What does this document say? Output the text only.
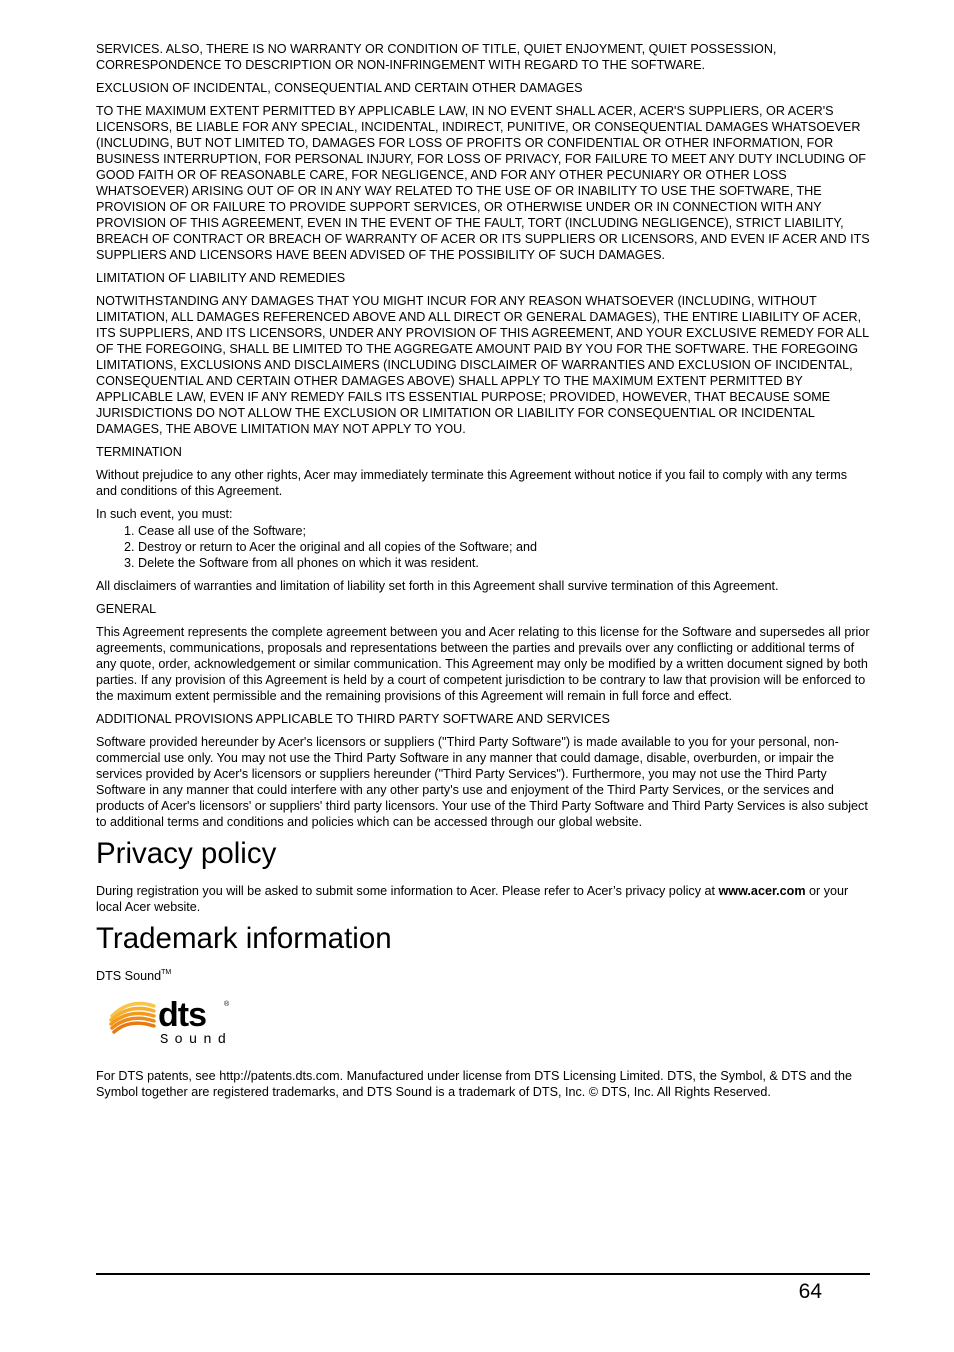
SERVICES. ALSO, THERE IS NO WARRANTY OR CONDITION OF TITLE, QUIET ENJOYMENT, QUIET POSSESSION, CORRESPONDENCE TO DESCRIPTION OR NON-INFRINGEMENT WITH REGARD TO THE SOFTWARE.

EXCLUSION OF INCIDENTAL, CONSEQUENTIAL AND CERTAIN OTHER DAMAGES

TO THE MAXIMUM EXTENT PERMITTED BY APPLICABLE LAW, IN NO EVENT SHALL ACER, ACER'S SUPPLIERS, OR ACER'S LICENSORS, BE LIABLE FOR ANY SPECIAL, INCIDENTAL, INDIRECT, PUNITIVE, OR CONSEQUENTIAL DAMAGES WHATSOEVER (INCLUDING, BUT NOT LIMITED TO, DAMAGES FOR LOSS OF PROFITS OR CONFIDENTIAL OR OTHER INFORMATION, FOR BUSINESS INTERRUPTION, FOR PERSONAL INJURY, FOR LOSS OF PRIVACY, FOR FAILURE TO MEET ANY DUTY INCLUDING OF GOOD FAITH OR OF REASONABLE CARE, FOR NEGLIGENCE, AND FOR ANY OTHER PECUNIARY OR OTHER LOSS WHATSOEVER) ARISING OUT OF OR IN ANY WAY RELATED TO THE USE OF OR INABILITY TO USE THE SOFTWARE, THE PROVISION OF OR FAILURE TO PROVIDE SUPPORT SERVICES, OR OTHERWISE UNDER OR IN CONNECTION WITH ANY PROVISION OF THIS AGREEMENT, EVEN IN THE EVENT OF THE FAULT, TORT (INCLUDING NEGLIGENCE), STRICT LIABILITY, BREACH OF CONTRACT OR BREACH OF WARRANTY OF ACER OR ITS SUPPLIERS OR LICENSORS, AND EVEN IF ACER AND ITS SUPPLIERS AND LICENSORS HAVE BEEN ADVISED OF THE POSSIBILITY OF SUCH DAMAGES.

LIMITATION OF LIABILITY AND REMEDIES

NOTWITHSTANDING ANY DAMAGES THAT YOU MIGHT INCUR FOR ANY REASON WHATSOEVER (INCLUDING, WITHOUT LIMITATION, ALL DAMAGES REFERENCED ABOVE AND ALL DIRECT OR GENERAL DAMAGES), THE ENTIRE LIABILITY OF ACER, ITS SUPPLIERS, AND ITS LICENSORS, UNDER ANY PROVISION OF THIS AGREEMENT, AND YOUR EXCLUSIVE REMEDY FOR ALL OF THE FOREGOING, SHALL BE LIMITED TO THE AGGREGATE AMOUNT PAID BY YOU FOR THE SOFTWARE. THE FOREGOING LIMITATIONS, EXCLUSIONS AND DISCLAIMERS (INCLUDING DISCLAIMER OF WARRANTIES AND EXCLUSION OF INCIDENTAL, CONSEQUENTIAL AND CERTAIN OTHER DAMAGES ABOVE) SHALL APPLY TO THE MAXIMUM EXTENT PERMITTED BY APPLICABLE LAW, EVEN IF ANY REMEDY FAILS ITS ESSENTIAL PURPOSE; PROVIDED, HOWEVER, THAT BECAUSE SOME JURISDICTIONS DO NOT ALLOW THE EXCLUSION OR LIMITATION OR LIABILITY FOR CONSEQUENTIAL OR INCIDENTAL DAMAGES, THE ABOVE LIMITATION MAY NOT APPLY TO YOU.

TERMINATION

Without prejudice to any other rights, Acer may immediately terminate this Agreement without notice if you fail to comply with any terms and conditions of this Agreement.

In such event, you must:

1. Cease all use of the Software;
2. Destroy or return to Acer the original and all copies of the Software; and
3. Delete the Software from all phones on which it was resident.

All disclaimers of warranties and limitation of liability set forth in this Agreement shall survive termination of this Agreement.

GENERAL

This Agreement represents the complete agreement between you and Acer relating to this license for the Software and supersedes all prior agreements, communications, proposals and representations between the parties and prevails over any conflicting or additional terms of any quote, order, acknowledgement or similar communication. This Agreement may only be modified by a written document signed by both parties. If any provision of this Agreement is held by a court of competent jurisdiction to be contrary to law that provision will be enforced to the maximum extent permissible and the remaining provisions of this Agreement will remain in full force and effect.

ADDITIONAL PROVISIONS APPLICABLE TO THIRD PARTY SOFTWARE AND SERVICES

Software provided hereunder by Acer's licensors or suppliers ("Third Party Software") is made available to you for your personal, non-commercial use only. You may not use the Third Party Software in any manner that could damage, disable, overburden, or impair the services provided by Acer's licensors or suppliers hereunder ("Third Party Services"). Furthermore, you may not use the Third Party Software in any manner that could interfere with any other party's use and enjoyment of the Third Party Services, or the services and products of Acer's licensors' or suppliers' third party licensors. Your use of the Third Party Software and Third Party Services is also subject to additional terms and conditions and policies which can be accessed through our global website.

Privacy policy

During registration you will be asked to submit some information to Acer. Please refer to Acer’s privacy policy at www.acer.com or your local Acer website.

Trademark information

DTS Sound™

dts	®
Sound

For DTS patents, see http://patents.dts.com. Manufactured under license from DTS Licensing Limited. DTS, the Symbol, & DTS and the Symbol together are registered trademarks, and DTS Sound is a trademark of DTS, Inc. © DTS, Inc. All Rights Reserved.

64
